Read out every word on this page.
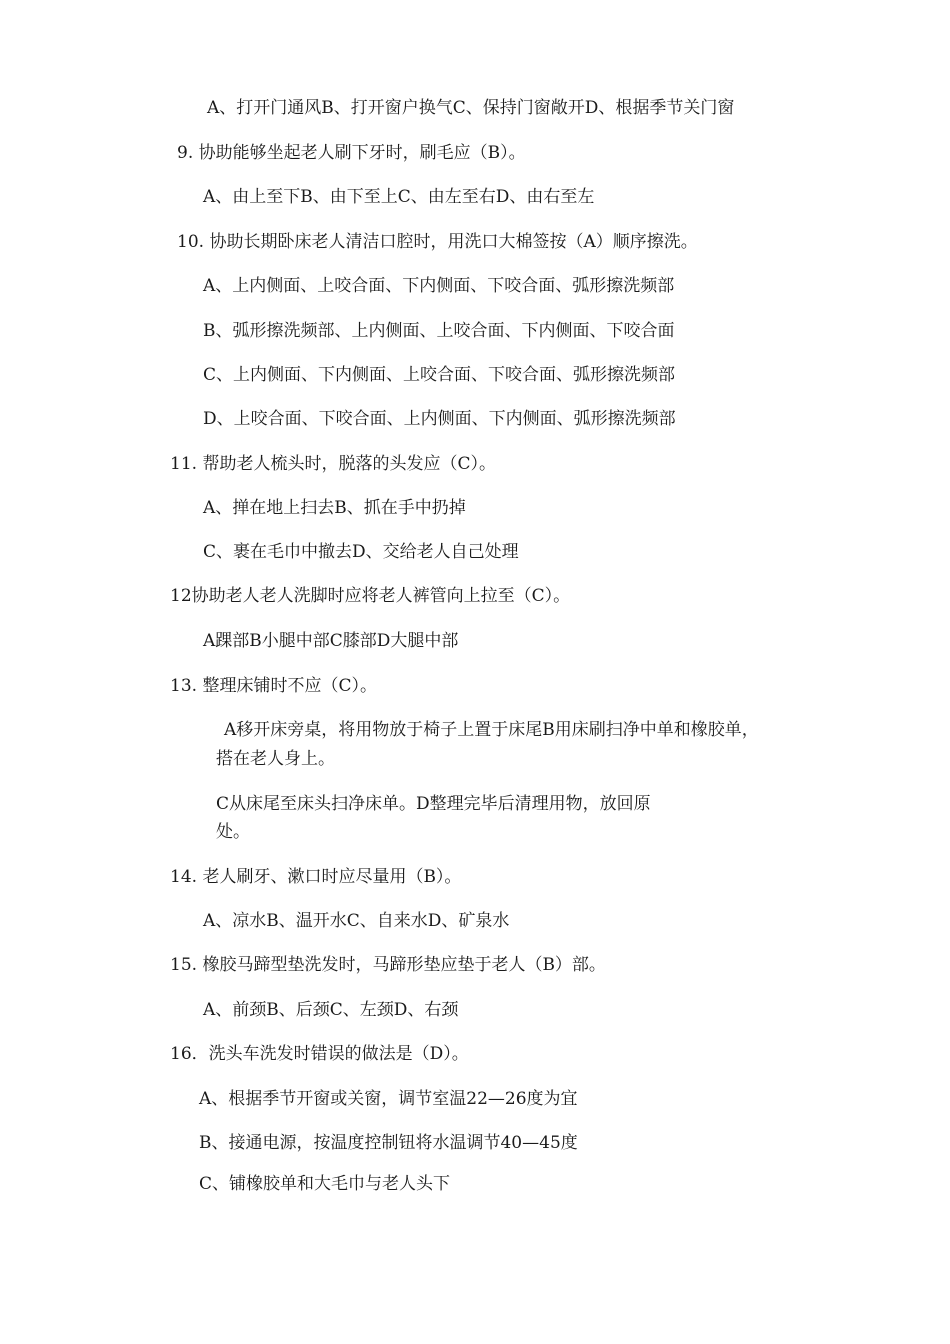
A、打开门通风B、打开窗户换气C、保持门窗敞开D、根据季节关门窗
9. 协助能够坐起老人刷下牙时，刷毛应（B）。
A、由上至下B、由下至上C、由左至右D、由右至左
10. 协助长期卧床老人清洁口腔时，用洗口大棉签按（A）顺序擦洗。
A、上内侧面、上咬合面、下内侧面、下咬合面、弧形擦洗频部
B、弧形擦洗频部、上内侧面、上咬合面、下内侧面、下咬合面
C、上内侧面、下内侧面、上咬合面、下咬合面、弧形擦洗频部
D、上咬合面、下咬合面、上内侧面、下内侧面、弧形擦洗频部
11. 帮助老人梳头时，脱落的头发应（C）。
A、掸在地上扫去B、抓在手中扔掉
C、裹在毛巾中撤去D、交给老人自己处理
12协助老人老人洗脚时应将老人裤管向上拉至（C）。
A踝部B小腿中部C膝部D大腿中部
13. 整理床铺时不应（C）。
A移开床旁桌，将用物放于椅子上置于床尾B用床刷扫净中单和橡胶单，
搭在老人身上。
C从床尾至床头扫净床单。D整理完毕后清理用物，放回原
处。
14. 老人刷牙、漱口时应尽量用（B）。
A、凉水B、温开水C、自来水D、矿泉水
15. 橡胶马蹄型垫洗发时，马蹄形垫应垫于老人（B）部。
A、前颈B、后颈C、左颈D、右颈
16．洗头车洗发时错误的做法是（D）。
A、根据季节开窗或关窗，调节室温22—26度为宜
B、接通电源，按温度控制钮将水温调节40—45度
C、铺橡胶单和大毛巾与老人头下
